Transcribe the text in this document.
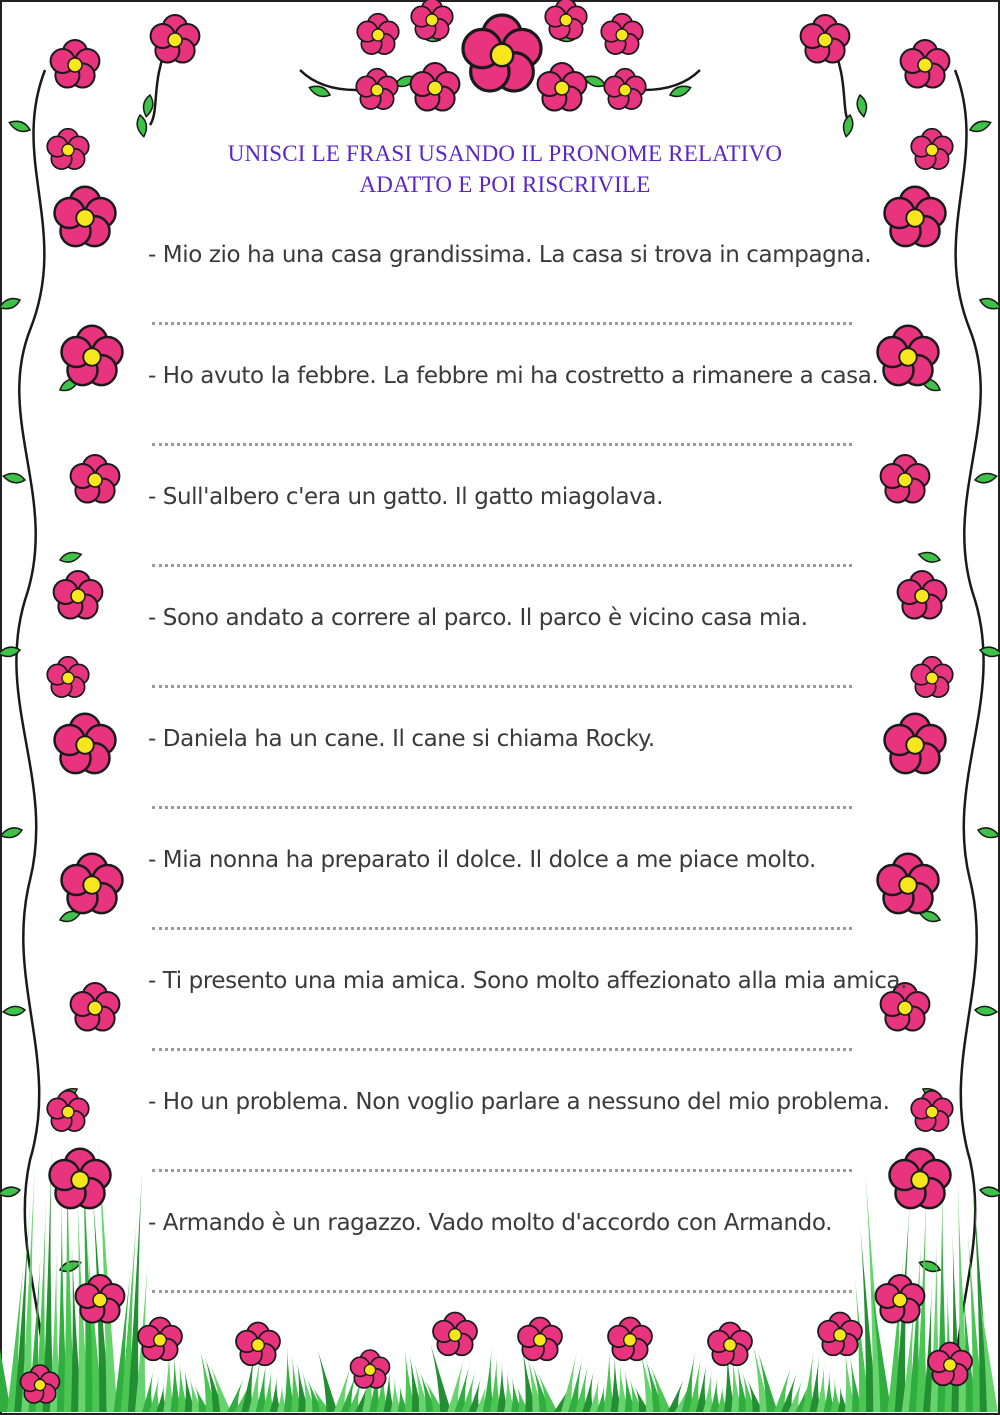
UNISCI LE FRASI USANDO IL PRONOME RELATIVO
ADATTO E POI RISCRIVILE
- Mio zio ha una casa grandissima. La casa si trova in campagna.
- Ho avuto la febbre. La febbre mi ha costretto a rimanere a casa.
- Sull'albero c'era un gatto. Il gatto miagolava.
- Sono andato a correre al parco. Il parco è vicino casa mia.
- Daniela ha un cane. Il cane si chiama Rocky.
- Mia nonna ha preparato il dolce. Il dolce a me piace molto.
- Ti presento una mia amica. Sono molto affezionato alla mia amica.
- Ho un problema. Non voglio parlare a nessuno del mio problema.
- Armando è un ragazzo. Vado molto d'accordo con Armando.
